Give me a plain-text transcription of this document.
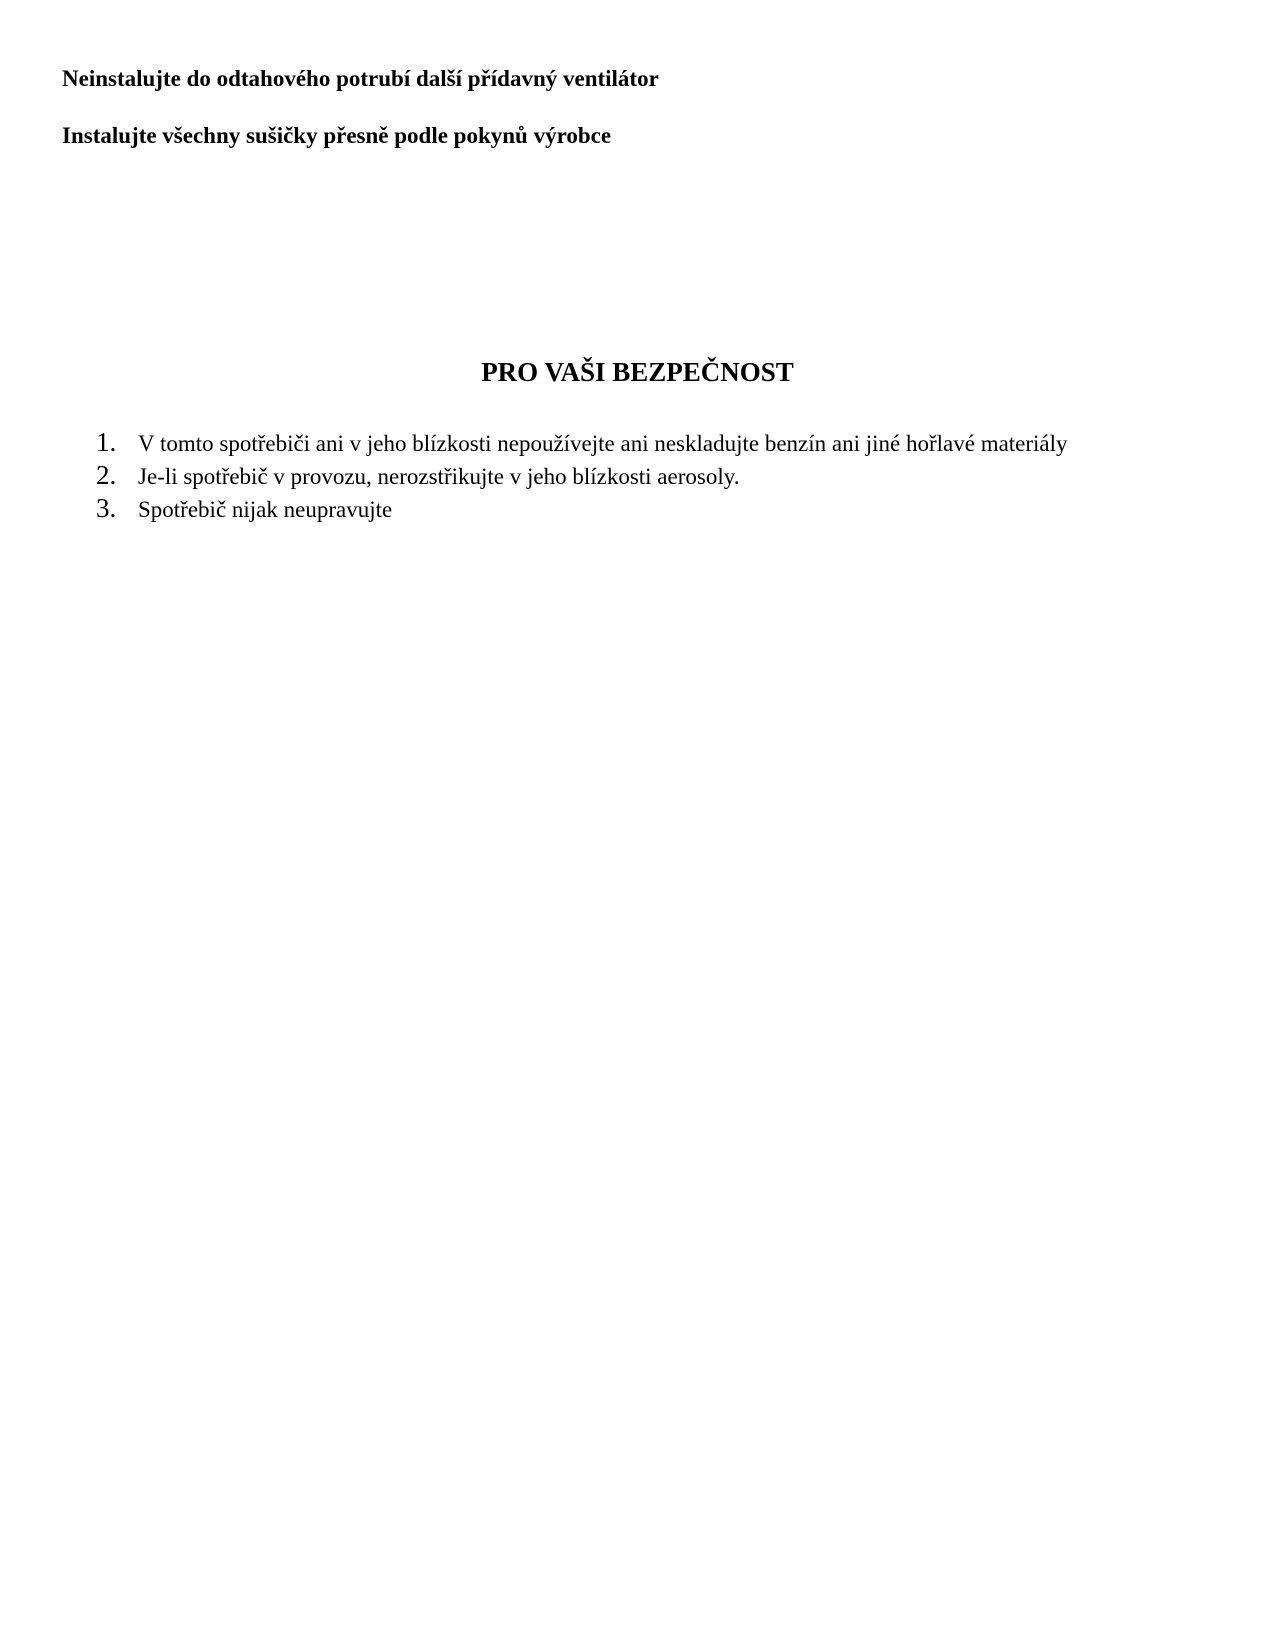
Neinstalujte do odtahového potrubí další přídavný ventilátor

Instalujte všechny sušičky přesně podle pokynů výrobce

PRO VAŠI BEZPEČNOST
1. V tomto spotřebiči ani v jeho blízkosti nepoužívejte ani neskladujte benzín ani jiné hořlavé materiály
2. Je-li spotřebič v provozu, nerozstřikujte v jeho blízkosti aerosoly.
3. Spotřebič nijak neupravujte
